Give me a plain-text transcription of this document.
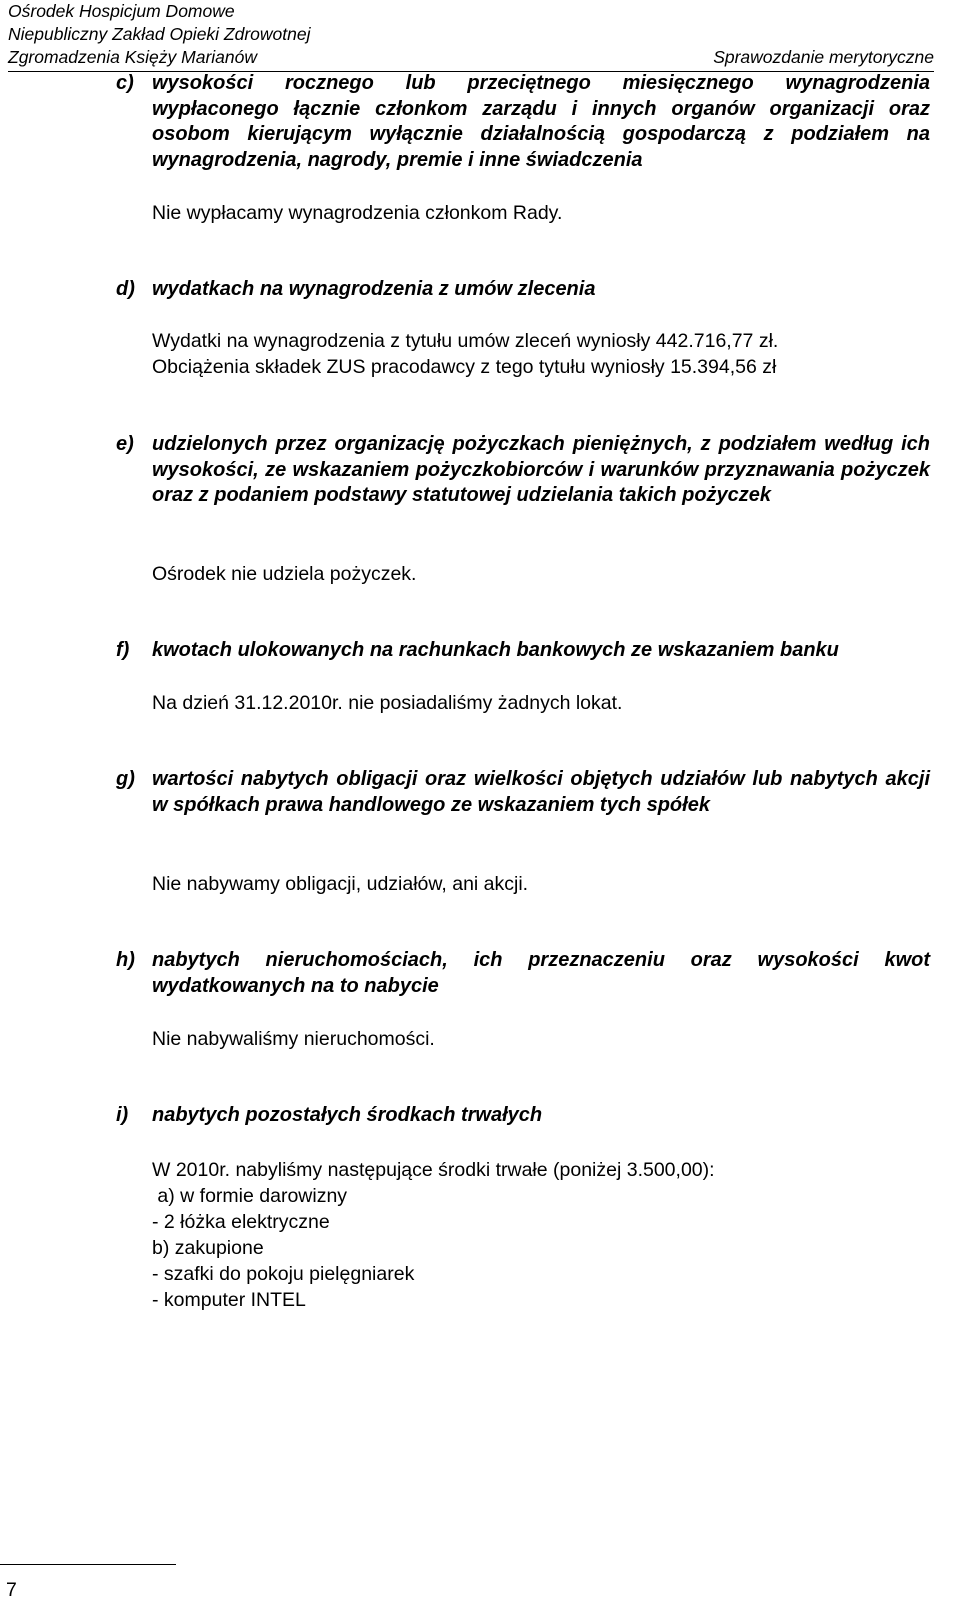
Ośrodek Hospicjum Domowe
Niepubliczny Zakład Opieki Zdrowotnej
Zgromadzenia Księży Marianów	Sprawozdanie merytoryczne
c) wysokości rocznego lub przeciętnego miesięcznego wynagrodzenia wypłaconego łącznie członkom zarządu i innych organów organizacji oraz osobom kierującym wyłącznie działalnością gospodarczą z podziałem na wynagrodzenia, nagrody, premie i inne świadczenia

Nie wypłacamy wynagrodzenia członkom Rady.

d) wydatkach na wynagrodzenia z umów zlecenia

Wydatki na wynagrodzenia z tytułu umów zleceń wyniosły 442.716,77 zł.

Obciążenia składek ZUS pracodawcy z tego tytułu wyniosły 15.394,56 zł

e) udzielonych przez organizację pożyczkach pieniężnych, z podziałem według ich wysokości, ze wskazaniem pożyczkobiorców i warunków przyznawania pożyczek oraz z podaniem podstawy statutowej udzielania takich pożyczek

Ośrodek nie udziela pożyczek.

f) kwotach ulokowanych na rachunkach bankowych ze wskazaniem banku

Na dzień 31.12.2010r. nie posiadaliśmy żadnych lokat.

g) wartości nabytych obligacji oraz wielkości objętych udziałów lub nabytych akcji w spółkach prawa handlowego ze wskazaniem tych spółek

Nie nabywamy obligacji, udziałów, ani akcji.

h) nabytych nieruchomościach, ich przeznaczeniu oraz wysokości kwot wydatkowanych na to nabycie

Nie nabywaliśmy nieruchomości.

i) nabytych pozostałych środkach trwałych
W 2010r. nabyliśmy następujące środki trwałe (poniżej 3.500,00):
a) w formie darowizny
- 2 łóżka elektryczne
b) zakupione
- szafki do pokoju pielęgniarek
- komputer INTEL
7
